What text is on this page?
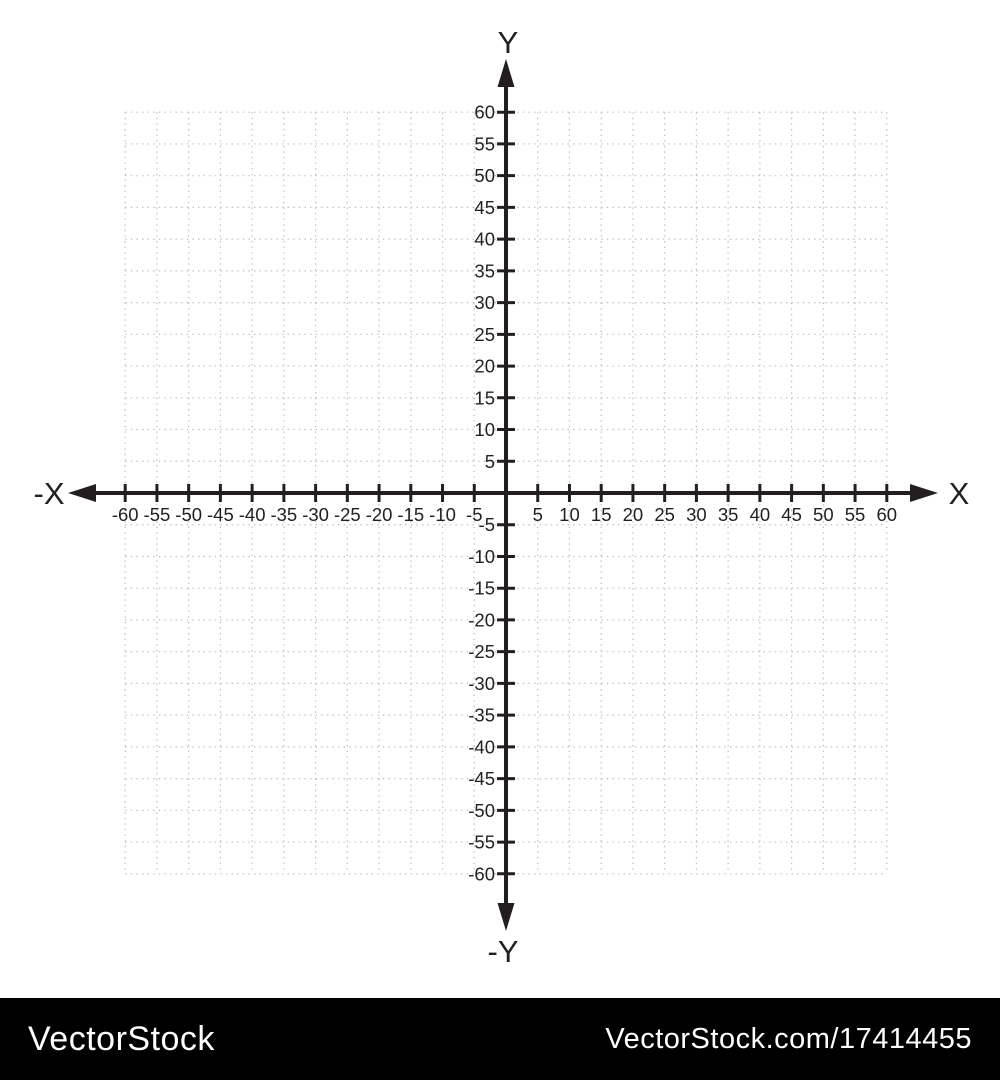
-60 -55 -50 -45 -40 -35 -30 -25 -20 -15 -10 -5	5 10 15 20 25 30 35 40 45 50 55 60
-60
-55
-50
-45
-40
-35
-30
-25
-20
-15
-10
-5
5
10
15
20
25
30
35
40
45
50
55
60
X
-X
Y
-Y
VectorStock	VectorStock.com/17414455
